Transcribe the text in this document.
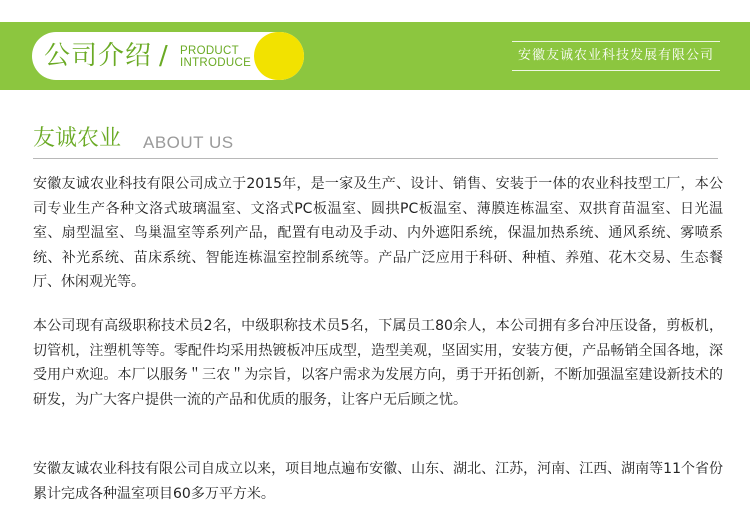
公司介绍 / PRODUCT
INTRODUCE	安徽友诚农业科技发展有限公司
友诚农业 ABOUT US

安徽友诚农业科技有限公司成立于2015年，是一家及生产、设计、销售、安装于一体的农业科技型工厂，本公司专业生产各种文洛式玻璃温室、文洛式PC板温室、圆拱PC板温室、薄膜连栋温室、双拱育苗温室、日光温室、扇型温室、鸟巢温室等系列产品，配置有电动及手动、内外遮阳系统，保温加热系统、通风系统、雾喷系统、补光系统、苗床系统、智能连栋温室控制系统等。产品广泛应用于科研、种植、养殖、花木交易、生态餐厅、休闲观光等。

本公司现有高级职称技术员2名，中级职称技术员5名，下属员工80余人，本公司拥有多台冲压设备，剪板机，切管机，注塑机等等。零配件均采用热镀板冲压成型，造型美观，坚固实用，安装方便，产品畅销全国各地，深受用户欢迎。本厂以服务＂三农＂为宗旨，以客户需求为发展方向，勇于开拓创新，不断加强温室建设新技术的研发，为广大客户提供一流的产品和优质的服务，让客户无后顾之忧。

安徽友诚农业科技有限公司自成立以来，项目地点遍布安徽、山东、湖北、江苏，河南、江西、湖南等11个省份累计完成各种温室项目60多万平方米。
